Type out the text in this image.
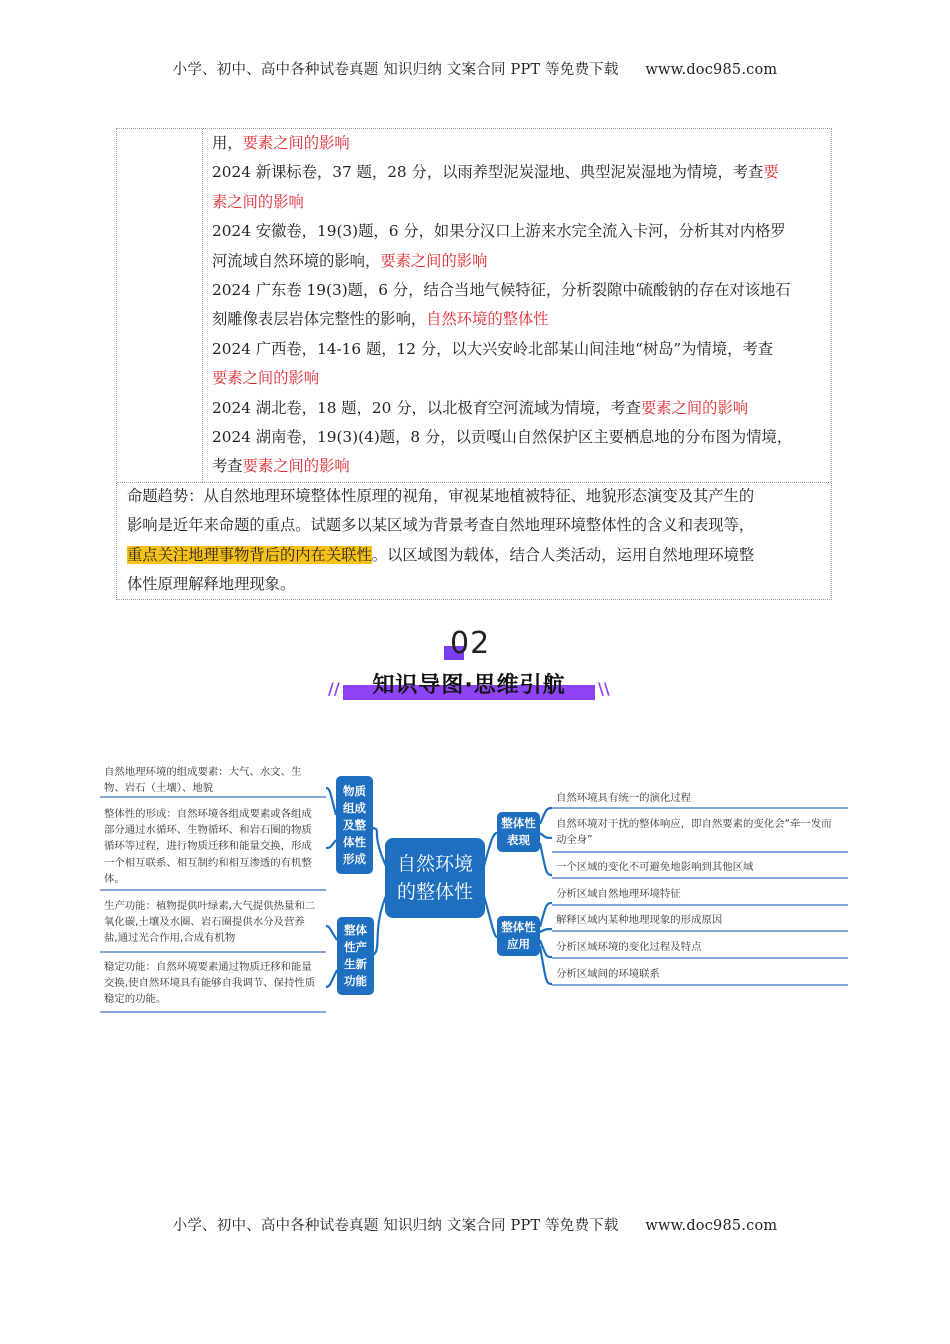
小学、初中、高中各种试卷真题 知识归纳 文案合同 PPT 等免费下载 www.doc985.com
用，要素之间的影响
2024 新课标卷，37 题，28 分，以雨养型泥炭湿地、典型泥炭湿地为情境，考查要
素之间的影响
2024 安徽卷，19(3)题，6 分，如果分汉口上游来水完全流入卡河，分析其对内格罗
河流域自然环境的影响，要素之间的影响
2024 广东卷 19(3)题，6 分，结合当地气候特征，分析裂隙中硫酸钠的存在对该地石
刻雕像表层岩体完整性的影响，自然环境的整体性
2024 广西卷，14-16 题，12 分，以大兴安岭北部某山间洼地“树岛”为情境，考查
要素之间的影响
2024 湖北卷，18 题，20 分，以北极育空河流域为情境，考查要素之间的影响
2024 湖南卷，19(3)(4)题，8 分，以贡嘎山自然保护区主要栖息地的分布图为情境，
考查要素之间的影响
命题趋势：从自然地理环境整体性原理的视角，审视某地植被特征、地貌形态演变及其产生的
影响是近年来命题的重点。试题多以某区域为背景考查自然地理环境整体性的含义和表现等，
重点关注地理事物背后的内在关联性。以区域图为载体，结合人类活动，运用自然地理环境整
体性原理解释地理现象。
02
//	\\
知识导图·思维引航
自然环境
的整体性
物质
组成
及整
体性
形成
整体
性产
生新
功能
整体性
表现
整体性
应用
自然地理环境的组成要素：大气、水文、生
物、岩石（土壤）、地貌
整体性的形成：自然环境各组成要素或各组成
部分通过水循环、生物循环、和岩石圈的物质
循环等过程，进行物质迁移和能量交换，形成
一个相互联系、相互制约和相互渗透的有机整
体。
生产功能：植物提供叶绿素,大气提供热量和二
氧化碳,土壤及水圈、岩石圈提供水分及营养
盐,通过光合作用,合成有机物
稳定功能：自然环境要素通过物质迁移和能量
交换,使自然环境具有能够自我调节、保持性质
稳定的功能。
自然环境具有统一的演化过程
自然环境对干扰的整体响应，即自然要素的变化会“牵一发而
动全身”
一个区域的变化不可避免地影响到其他区域
分析区域自然地理环境特征
解释区域内某种地理现象的形成原因
分析区域环境的变化过程及特点
分析区域间的环境联系
小学、初中、高中各种试卷真题 知识归纳 文案合同 PPT 等免费下载 www.doc985.com
